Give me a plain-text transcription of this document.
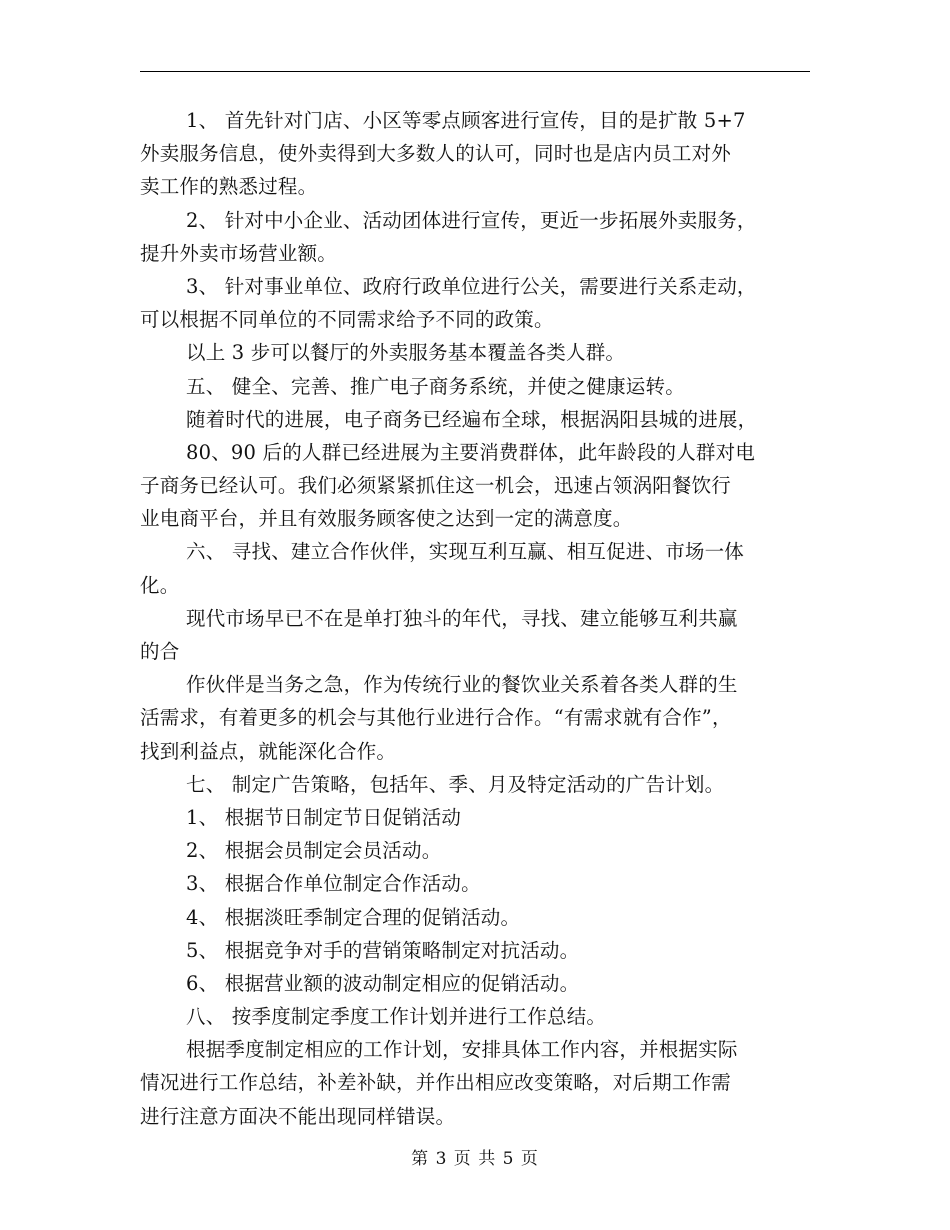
1、 首先针对门店、小区等零点顾客进行宣传，目的是扩散 5+7
外卖服务信息，使外卖得到大多数人的认可，同时也是店内员工对外
卖工作的熟悉过程。
2、 针对中小企业、活动团体进行宣传，更近一步拓展外卖服务，
提升外卖市场营业额。
3、 针对事业单位、政府行政单位进行公关，需要进行关系走动，
可以根据不同单位的不同需求给予不同的政策。
以上 3 步可以餐厅的外卖服务基本覆盖各类人群。
五、 健全、完善、推广电子商务系统，并使之健康运转。
随着时代的进展，电子商务已经遍布全球，根据涡阳县城的进展，
80、90 后的人群已经进展为主要消费群体，此年龄段的人群对电
子商务已经认可。我们必须紧紧抓住这一机会，迅速占领涡阳餐饮行
业电商平台，并且有效服务顾客使之达到一定的满意度。
六、 寻找、建立合作伙伴，实现互利互赢、相互促进、市场一体
化。
现代市场早已不在是单打独斗的年代，寻找、建立能够互利共赢
的合
作伙伴是当务之急，作为传统行业的餐饮业关系着各类人群的生
活需求，有着更多的机会与其他行业进行合作。“有需求就有合作”，
找到利益点，就能深化合作。
七、 制定广告策略，包括年、季、月及特定活动的广告计划。
1、 根据节日制定节日促销活动
2、 根据会员制定会员活动。
3、 根据合作单位制定合作活动。
4、 根据淡旺季制定合理的促销活动。
5、 根据竞争对手的营销策略制定对抗活动。
6、 根据营业额的波动制定相应的促销活动。
八、 按季度制定季度工作计划并进行工作总结。
根据季度制定相应的工作计划，安排具体工作内容，并根据实际
情况进行工作总结，补差补缺，并作出相应改变策略，对后期工作需
进行注意方面决不能出现同样错误。
第 3 页 共 5 页
